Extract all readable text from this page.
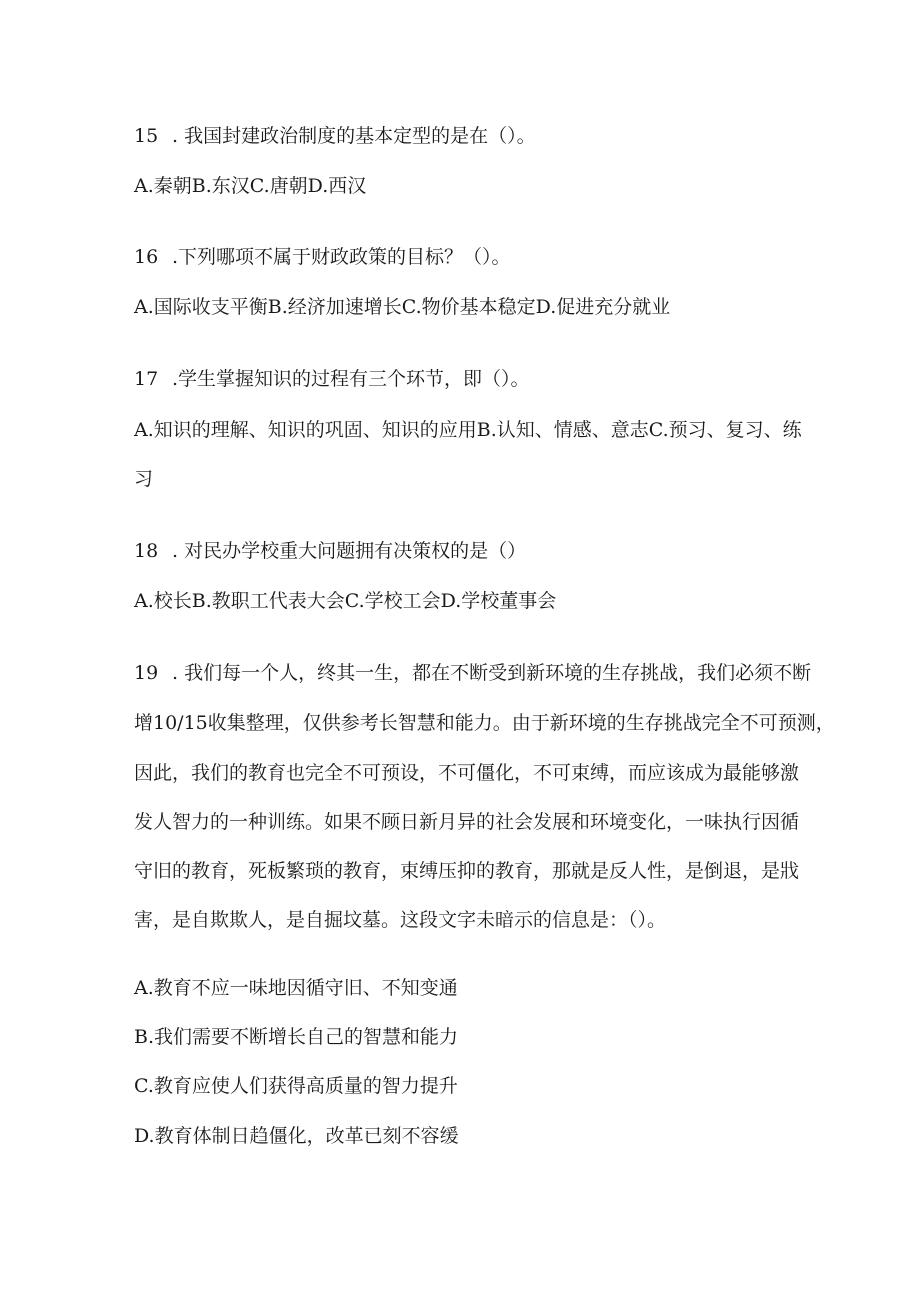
15 . 我国封建政治制度的基本定型的是在（）。
A.秦朝B.东汉C.唐朝D.西汉
16 .下列哪项不属于财政政策的目标？（）。
A.国际收支平衡B.经济加速增长C.物价基本稳定D.促进充分就业
17 .学生掌握知识的过程有三个环节，即（）。
A.知识的理解、知识的巩固、知识的应用B.认知、情感、意志C.预习、复习、练
习
18 . 对民办学校重大问题拥有决策权的是（）
A.校长B.教职工代表大会C.学校工会D.学校董事会
19 . 我们每一个人，终其一生，都在不断受到新环境的生存挑战，我们必须不断
增10/15收集整理，仅供参考长智慧和能力。由于新环境的生存挑战完全不可预测，
因此，我们的教育也完全不可预设，不可僵化，不可束缚，而应该成为最能够激
发人智力的一种训练。如果不顾日新月异的社会发展和环境变化，一味执行因循
守旧的教育，死板繁琐的教育，束缚压抑的教育，那就是反人性，是倒退，是戕
害，是自欺欺人，是自掘坟墓。这段文字未暗示的信息是：（）。
A.教育不应一味地因循守旧、不知变通
B.我们需要不断增长自己的智慧和能力
C.教育应使人们获得高质量的智力提升
D.教育体制日趋僵化，改革已刻不容缓
